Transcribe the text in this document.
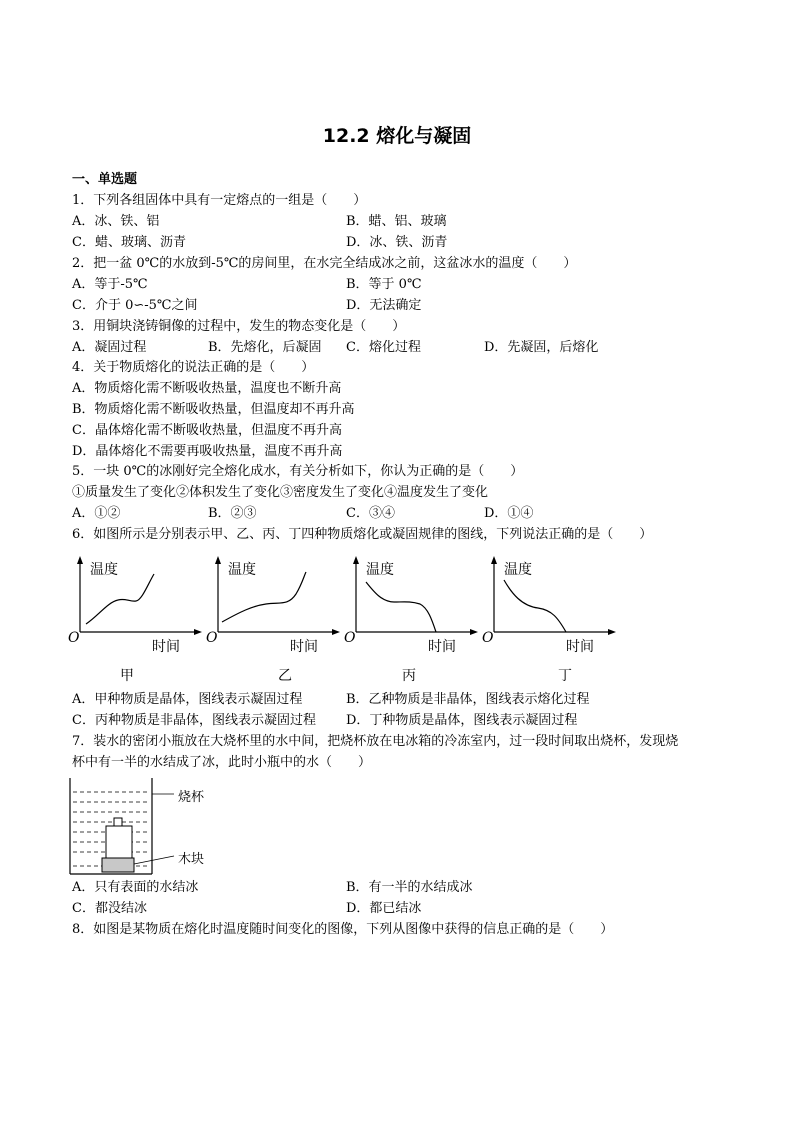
12.2 熔化与凝固
一、单选题
1．下列各组固体中具有一定熔点的一组是（　　）
A．冰、铁、铝	B．蜡、铝、玻璃
C．蜡、玻璃、沥青	D．冰、铁、沥青
2．把一盆 0℃的水放到-5℃的房间里，在水完全结成冰之前，这盆冰水的温度（　　）
A．等于-5℃	B．等于 0℃
C．介于 0∽-5℃之间	D．无法确定
3．用铜块浇铸铜像的过程中，发生的物态变化是（　　）
A．凝固过程	B．先熔化，后凝固 C．熔化过程	D．先凝固，后熔化
4．关于物质熔化的说法正确的是（　　）
A．物质熔化需不断吸收热量，温度也不断升高
B．物质熔化需不断吸收热量，但温度却不再升高
C．晶体熔化需不断吸收热量，但温度不再升高
D．晶体熔化不需要再吸收热量，温度不再升高
5．一块 0℃的冰刚好完全熔化成水，有关分析如下，你认为正确的是（　　）
①质量发生了变化②体积发生了变化③密度发生了变化④温度发生了变化
A．①②	B．②③	C．③④	D．①④
6．如图所示是分别表示甲、乙、丙、丁四种物质熔化或凝固规律的图线，下列说法正确的是（　　）
温度
O
时间
甲
温度
O
时间
乙
温度
O
时间
丙
温度
O
时间
丁
A．甲种物质是晶体，图线表示凝固过程	B．乙种物质是非晶体，图线表示熔化过程
C．丙种物质是非晶体，图线表示凝固过程 D．丁种物质是晶体，图线表示凝固过程
7．装水的密闭小瓶放在大烧杯里的水中间，把烧杯放在电冰箱的冷冻室内，过一段时间取出烧杯，发现烧
杯中有一半的水结成了冰，此时小瓶中的水（　　）
烧杯
木块
A．只有表面的水结冰	B．有一半的水结成冰
C．都没结冰	D．都已结冰
8．如图是某物质在熔化时温度随时间变化的图像，下列从图像中获得的信息正确的是（　　）
